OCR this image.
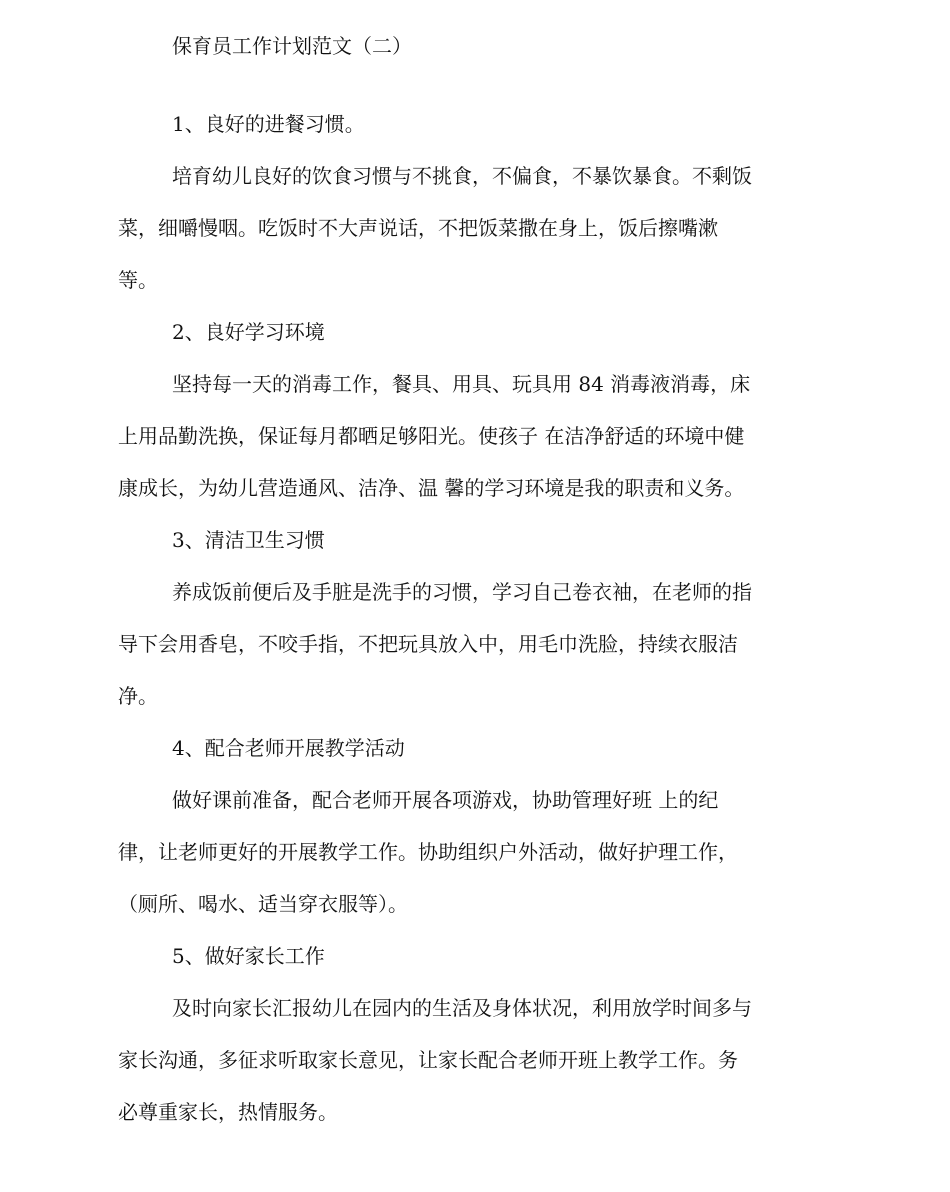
保育员工作计划范文（二）

1、良好的进餐习惯。

培育幼儿良好的饮食习惯与不挑食，不偏食，不暴饮暴食。不剩饭

菜，细嚼慢咽。吃饭时不大声说话，不把饭菜撒在身上，饭后擦嘴漱

等。

2、良好学习环境

坚持每一天的消毒工作，餐具、用具、玩具用 84 消毒液消毒，床

上用品勤洗换，保证每月都晒足够阳光。使孩子 在洁净舒适的环境中健

康成长，为幼儿营造通风、洁净、温 馨的学习环境是我的职责和义务。

3、清洁卫生习惯

养成饭前便后及手脏是洗手的习惯，学习自己卷衣袖，在老师的指

导下会用香皂，不咬手指，不把玩具放入中，用毛巾洗脸，持续衣服洁

净。

4、配合老师开展教学活动

做好课前准备，配合老师开展各项游戏，协助管理好班 上的纪

律，让老师更好的开展教学工作。协助组织户外活动，做好护理工作，

（厕所、喝水、适当穿衣服等）。

5、做好家长工作

及时向家长汇报幼儿在园内的生活及身体状况，利用放学时间多与

家长沟通，多征求听取家长意见，让家长配合老师开班上教学工作。务

必尊重家长，热情服务。
